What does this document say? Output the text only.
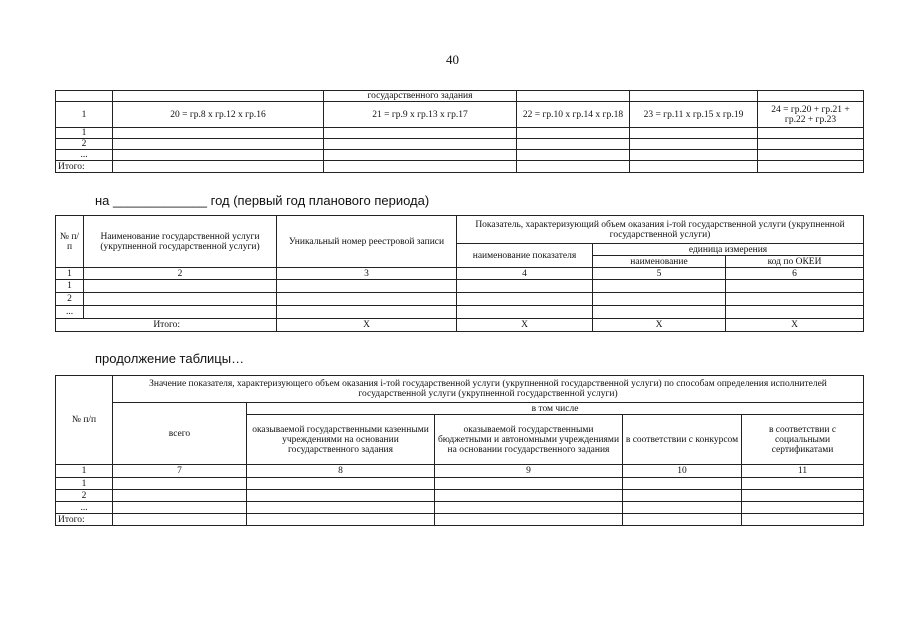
40
		государственного задания			
1	20 = гр.8 х гр.12 х гр.16	21 = гр.9 х гр.13 х гр.17	22 = гр.10 х гр.14 х гр.18	23 = гр.11 х гр.15 х гр.19	24 = гр.20 + гр.21 + гр.22 + гр.23
1					
2					
...					
Итого:					
на _____________ год (первый год планового периода)
№ п/п	Наименование государственной услуги (укрупненной государственной услуги)	Уникальный номер реестровой записи	Показатель, характеризующий объем оказания i-той государственной услуги (укрупненной государственной услуги)		
			наименование показателя	единица измерения	
				наименование	код по ОКЕИ
1	2	3	4	5	6
1					
2					
...					
Итого:		X	X	X	X
продолжение таблицы…
№ п/п	Значение показателя, характеризующего объем оказания i-той государственной услуги (укрупненной государственной услуги) по способам определения исполнителей государственной услуги (укрупненной государственной услуги)				
	всего	в том числе			
		оказываемой государственными казенными учреждениями на основании государственного задания	оказываемой государственными бюджетными и автономными учреждениями на основании государственного задания	в соответствии с конкурсом	в соответствии с социальными сертификатами
1	7	8	9	10	11
1					
2					
...					
Итого:					
